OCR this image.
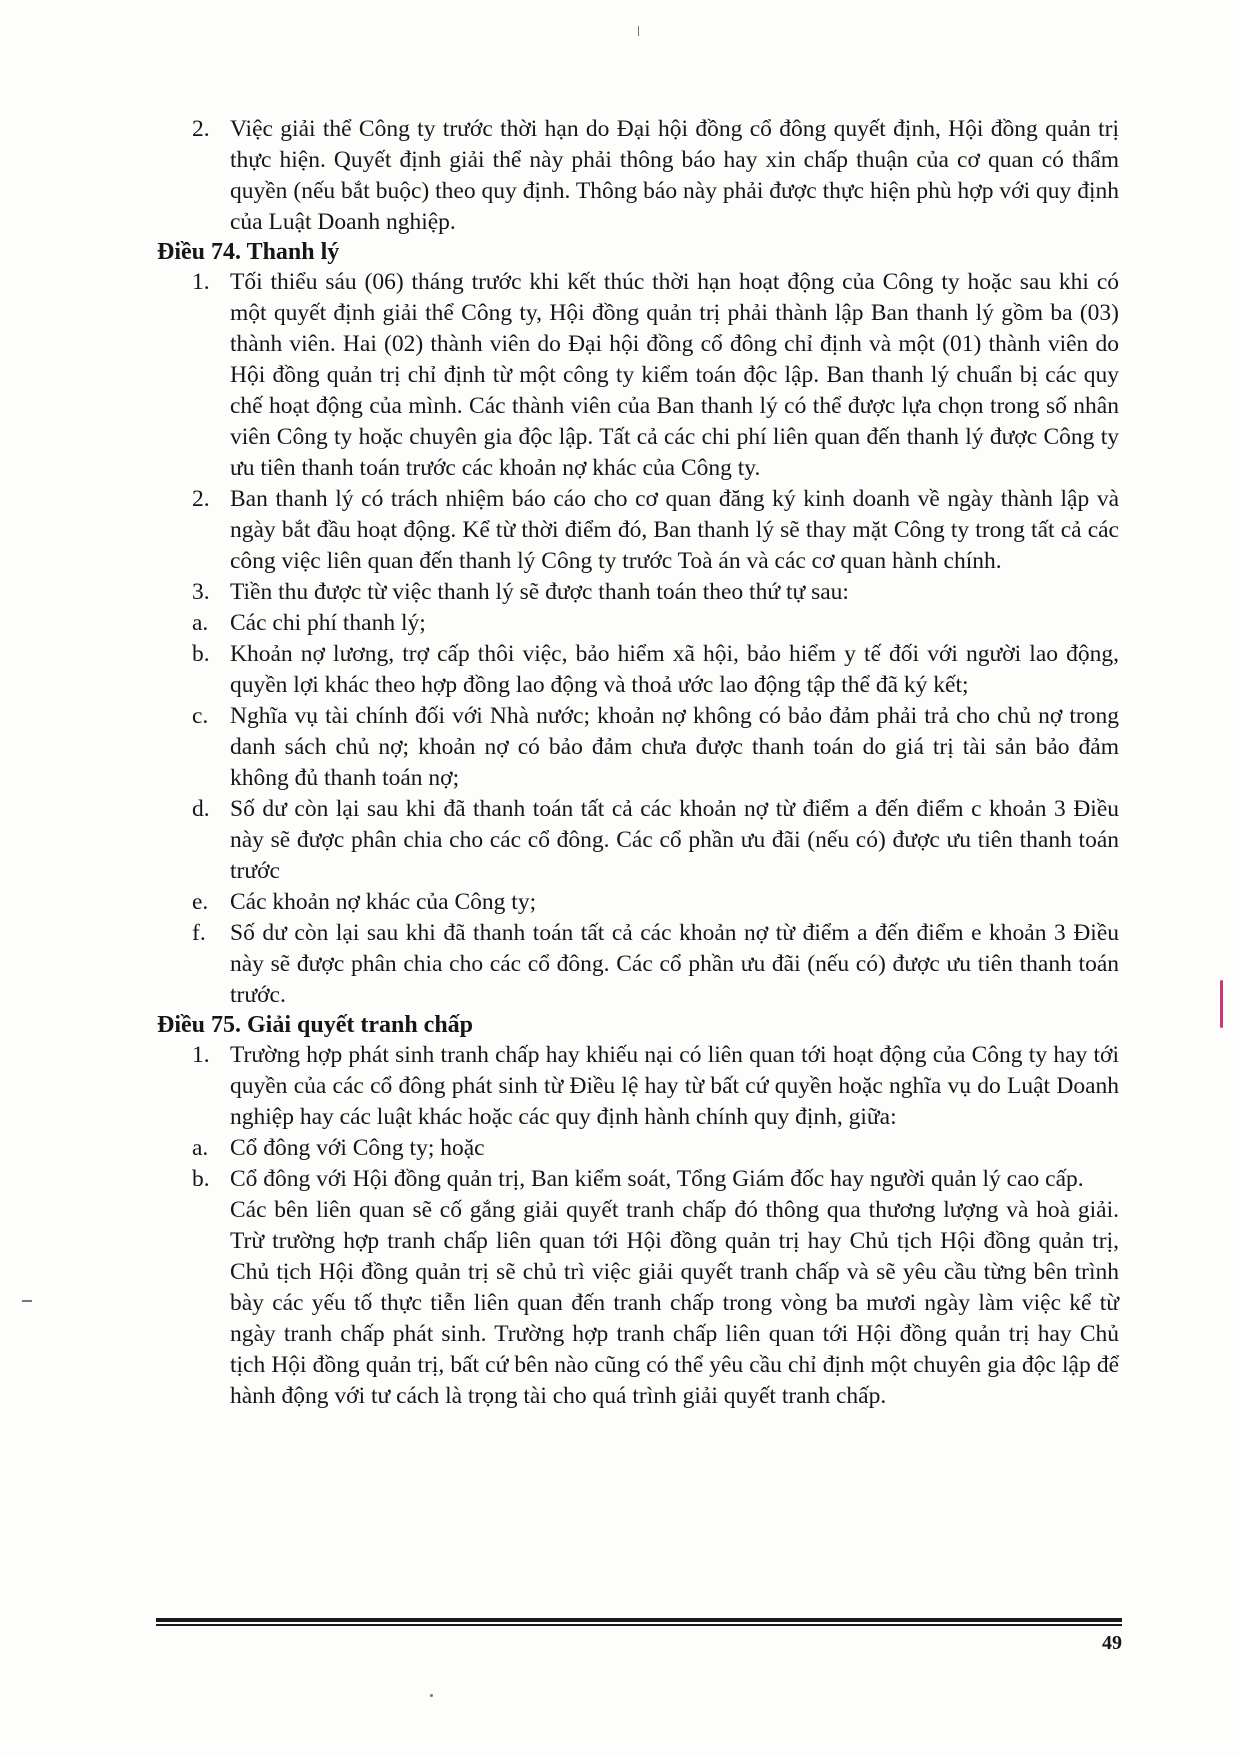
2. Việc giải thể Công ty trước thời hạn do Đại hội đồng cổ đông quyết định, Hội đồng quản trị thực hiện. Quyết định giải thể này phải thông báo hay xin chấp thuận của cơ quan có thẩm quyền (nếu bắt buộc) theo quy định. Thông báo này phải được thực hiện phù hợp với quy định của Luật Doanh nghiệp.
Điều 74. Thanh lý
1. Tối thiểu sáu (06) tháng trước khi kết thúc thời hạn hoạt động của Công ty hoặc sau khi có một quyết định giải thể Công ty, Hội đồng quản trị phải thành lập Ban thanh lý gồm ba (03) thành viên. Hai (02) thành viên do Đại hội đồng cổ đông chỉ định và một (01) thành viên do Hội đồng quản trị chỉ định từ một công ty kiểm toán độc lập. Ban thanh lý chuẩn bị các quy chế hoạt động của mình. Các thành viên của Ban thanh lý có thể được lựa chọn trong số nhân viên Công ty hoặc chuyên gia độc lập. Tất cả các chi phí liên quan đến thanh lý được Công ty ưu tiên thanh toán trước các khoản nợ khác của Công ty.
2. Ban thanh lý có trách nhiệm báo cáo cho cơ quan đăng ký kinh doanh về ngày thành lập và ngày bắt đầu hoạt động. Kể từ thời điểm đó, Ban thanh lý sẽ thay mặt Công ty trong tất cả các công việc liên quan đến thanh lý Công ty trước Toà án và các cơ quan hành chính.
3. Tiền thu được từ việc thanh lý sẽ được thanh toán theo thứ tự sau:
a. Các chi phí thanh lý;
b. Khoản nợ lương, trợ cấp thôi việc, bảo hiểm xã hội, bảo hiểm y tế đối với người lao động, quyền lợi khác theo hợp đồng lao động và thoả ước lao động tập thể đã ký kết;
c. Nghĩa vụ tài chính đối với Nhà nước; khoản nợ không có bảo đảm phải trả cho chủ nợ trong danh sách chủ nợ; khoản nợ có bảo đảm chưa được thanh toán do giá trị tài sản bảo đảm không đủ thanh toán nợ;
d. Số dư còn lại sau khi đã thanh toán tất cả các khoản nợ từ điểm a đến điểm c khoản 3 Điều này sẽ được phân chia cho các cổ đông. Các cổ phần ưu đãi (nếu có) được ưu tiên thanh toán trước
e. Các khoản nợ khác của Công ty;
f. Số dư còn lại sau khi đã thanh toán tất cả các khoản nợ từ điểm a đến điểm e khoản 3 Điều này sẽ được phân chia cho các cổ đông. Các cổ phần ưu đãi (nếu có) được ưu tiên thanh toán trước.
Điều 75. Giải quyết tranh chấp
1. Trường hợp phát sinh tranh chấp hay khiếu nại có liên quan tới hoạt động của Công ty hay tới quyền của các cổ đông phát sinh từ Điều lệ hay từ bất cứ quyền hoặc nghĩa vụ do Luật Doanh nghiệp hay các luật khác hoặc các quy định hành chính quy định, giữa:
a. Cổ đông với Công ty; hoặc
b. Cổ đông với Hội đồng quản trị, Ban kiểm soát, Tổng Giám đốc hay người quản lý cao cấp.
Các bên liên quan sẽ cố gắng giải quyết tranh chấp đó thông qua thương lượng và hoà giải. Trừ trường hợp tranh chấp liên quan tới Hội đồng quản trị hay Chủ tịch Hội đồng quản trị, Chủ tịch Hội đồng quản trị sẽ chủ trì việc giải quyết tranh chấp và sẽ yêu cầu từng bên trình bày các yếu tố thực tiễn liên quan đến tranh chấp trong vòng ba mươi ngày làm việc kể từ ngày tranh chấp phát sinh. Trường hợp tranh chấp liên quan tới Hội đồng quản trị hay Chủ tịch Hội đồng quản trị, bất cứ bên nào cũng có thể yêu cầu chỉ định một chuyên gia độc lập để hành động với tư cách là trọng tài cho quá trình giải quyết tranh chấp.
49
